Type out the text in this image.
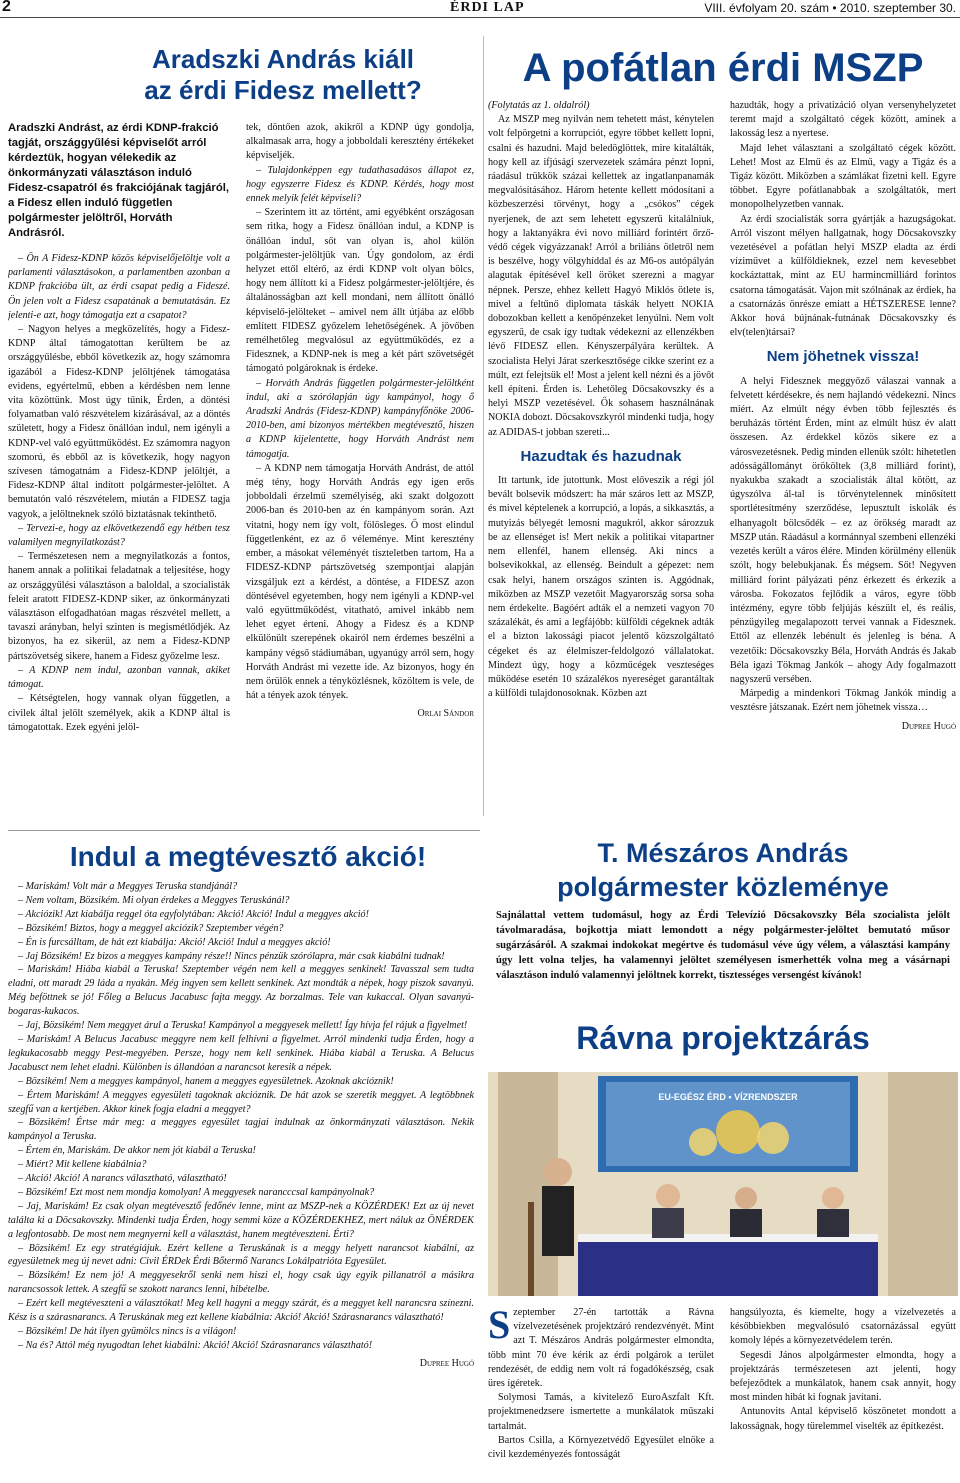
2	ÉRDI LAP	VIII. évfolyam 20. szám • 2010. szeptember 30.
Aradszki András kiáll
az érdi Fidesz mellett?
Aradszki Andrást, az érdi KDNP-frakció tagját, országgyűlési képviselőt arról kérdeztük, hogyan vélekedik az önkormányzati választáson induló Fidesz-csapatról és frakciójának tagjáról, a Fidesz ellen induló független polgármester jelöltről, Horváth Andrásról.

– Ön A Fidesz-KDNP közös képviselőjelöltje volt a parlamenti választásokon, a parlamentben azonban a KDNP frakcióba ült, az érdi csapat pedig a Fideszé. Ön jelen volt a Fidesz csapatának a bemutatásán. Ez jelenti-e azt, hogy támogatja ezt a csapatot?

– Nagyon helyes a megközelítés, hogy a Fidesz-KDNP által támogatottan kerültem be az országgyűlésbe, ebből következik az, hogy számomra igazából a Fidesz-KDNP jelöltjének támogatása evidens, egyértelmű, ebben a kérdésben nem lenne vita közöttünk. Most úgy tűnik, Érden, a döntési folyamatban való részvételem kizárásával, az a döntés született, hogy a Fidesz önállóan indul, nem igényli a KDNP-vel való együttműködést. Ez számomra nagyon szomorú, és ebből az is következik, hogy nagyon szívesen támogatnám a Fidesz-KDNP jelöltjét, a Fidesz-KDNP által indított polgármester-jelöltet. A bemutatón való részvételem, miután a FIDESZ tagja vagyok, a jelöltneknek szóló biztatásnak tekinthető.

– Tervezi-e, hogy az elkövetkezendő egy hétben tesz valamilyen megnyilatkozást?

– Természetesen nem a megnyilatkozás a fontos, hanem annak a politikai feladatnak a teljesítése, hogy az országgyűlési választáson a baloldal, a szocialisták feleit aratott FIDESZ-KDNP siker, az önkormányzati választáson elfogadhatóan magas részvétel mellett, a tavaszi arányban, helyi szinten is megismétlődjék. Az bizonyos, ha ez sikerül, az nem a Fidesz-KDNP pártszövetség sikere, hanem a Fidesz győzelme lesz.

– A KDNP nem indul, azonban vannak, akiket támogat.

– Kétségtelen, hogy vannak olyan független, a civilek által jelölt személyek, akik a KDNP által is támogatottak. Ezek egyéni jelöl-

tek, döntően azok, akikről a KDNP úgy gondolja, alkalmasak arra, hogy a jobboldali keresztény értékeket képviseljék.

– Tulajdonképpen egy tudathasadásos állapot ez, hogy egyszerre Fidesz és KDNP. Kérdés, hogy most ennek melyik felét képviseli?

– Szerintem itt az történt, ami egyébként országosan sem ritka, hogy a Fidesz önállóan indul, a KDNP is önállóan indul, sőt van olyan is, ahol külön polgármester-jelöltjük van. Úgy gondolom, az érdi helyzet ettől eltérő, az érdi KDNP volt olyan bölcs, hogy nem állított ki a Fidesz polgármester-jelöltjére, és általánosságban azt kell mondani, nem állított önálló képviselő-jelölteket – amivel nem állt útjába az előbb említett FIDESZ győzelem lehetőségének. A jövőben remélhetőleg megvalósul az együttműködés, ez a Fidesznek, a KDNP-nek is meg a két párt szövetségét támogató polgároknak is érdeke.

– Horváth András független polgármester-jelöltként indul, aki a szórólapján úgy kampányol, hogy ő Aradszki András (Fidesz-KDNP) kampányfőnöke 2006-2010-ben, ami bizonyos mértékben megtévesztő, hiszen a KDNP kijelentette, hogy Horváth Andrást nem támogatja.

– A KDNP nem támogatja Horváth Andrást, de attól még tény, hogy Horváth András egy igen erős jobboldali érzelmű személyiség, aki szakt dolgozott 2006-ban és 2010-ben az én kampányom során. Azt vitatni, hogy nem így volt, fölösleges. Ő most elindul függetlenként, ez az ő véleménye. Mint keresztény ember, a másokat véleményét tiszteletben tartom, Ha a FIDESZ-KDNP pártszövetség szempontjai alapján vizsgáljuk ezt a kérdést, a döntése, a FIDESZ azon döntésével egyetemben, hogy nem igényli a KDNP-vel való együttműködést, vitatható, amivel inkább nem lehet egyet érteni. Ahogy a Fidesz és a KDNP elkülönült szerepének okairól nem érdemes beszélni a kampány végső stádiumában, ugyanúgy arról sem, hogy Horváth Andrást mi vezette ide. Az bizonyos, hogy én nem örülök ennek a tényközlésnek, közöltem is vele, de hát a tények azok tények.

Orlai Sándor

A pofátlan érdi MSZP

(Folytatás az 1. oldalról)

Az MSZP meg nyilván nem tehetett mást, kénytelen volt felpörgetni a korrupciót, egyre többet kellett lopni, csalni és hazudni. Majd beledöglöttek, mire kitalálták, hogy kell az ifjúsági szervezetek számára pénzt lopni, ráadásul trükkök százai kellettek az ingatlanpanamák megvalósításához. Három hetente kellett módosítani a közbeszerzési törvényt, hogy a „csókos” cégek nyerjenek, de azt sem lehetett egyszerű kitalálniuk, hogy a laktanyákra évi novo milliárd forintért őrző-védő cégek vigyázzanak! Arról a briliáns ötletről nem is beszélve, hogy völgyhíddal és az M6-os autópályán alagutak építésével kell öröket szerezni a magyar népnek. Persze, ehhez kellett Hagyó Miklós ötlete is, mivel a feltűnő diplomata táskák helyett NOKIA dobozokban kellett a kenőpénzeket lenyúlni. Nem volt egyszerű, de csak így tudtak védekezni az ellenzékben lévő FIDESZ ellen. Kényszerpályára kerültek. A szocialista Helyi Járat szerkesztősége cikke szerint ez a múlt, ezt felejtsük el! Most a jelent kell nézni és a jövőt kell építeni. Érden is. Lehetőleg Döcsakovszky és a helyi MSZP vezetésével. Ők sohasem használnának NOKIA dobozt. Döcsakovszkyról mindenki tudja, hogy az ADIDAS-t jobban szereti...

Hazudtak és hazudnak

Itt tartunk, ide jutottunk. Most előveszik a régi jól bevált bolsevik módszert: ha már száros lett az MSZP, és mivel képtelenek a korrupció, a lopás, a sikkasztás, a mutyizás bélyegét lemosni magukról, akkor sározzuk be az ellenséget is! Mert nekik a politikai vitapartner nem ellenfél, hanem ellenség. Aki nincs a bolsevikokkal, az ellenség. Beindult a gépezet: nem csak helyi, hanem országos szinten is. Aggódnak, miközben az MSZP vezetőit Magyarország sorsa soha nem érdekelte. Bagóért adták el a nemzeti vagyon 70 százalékát, és ami a legfájóbb: külföldi cégeknek adták el a bizton lakossági piacot jelentő közszolgáltató cégeket és az élelmiszer-feldolgozó vállalatokat. Mindezt úgy, hogy a közműcégek veszteséges működése esetén 10 százalékos nyereséget garantáltak a külföldi tulajdonosoknak. Közben azt

hazudták, hogy a privatizáció olyan versenyhelyzetet teremt majd a szolgáltató cégek között, aminek a lakosság lesz a nyertese.

Majd lehet választani a szolgáltató cégek között. Lehet! Most az Elmű és az Elmű, vagy a Tigáz és a Tigáz között. Miközben a számlákat fizetni kell. Egyre többet. Egyre pofátlanabbak a szolgáltatók, mert monopolhelyzetben vannak.

Az érdi szocialisták sorra gyártják a hazugságokat. Arról viszont mélyen hallgatnak, hogy Döcsakovszky vezetésével a pofátlan helyi MSZP eladta az érdi víziművet a külföldieknek, ezzel nem kevesebbet kockáztattak, mint az EU harmincmilliárd forintos csatorna támogatását. Vajon mit szólnának az érdiek, ha a csatornázás önrésze emiatt a HÉTSZERESE lenne? Akkor hová bújnának-futnának Döcsakovszky és elv(telen)társai?

Nem jöhetnek vissza!

A helyi Fidesznek meggyőző válaszai vannak a felvetett kérdésekre, és nem hajlandó védekezni. Nincs miért. Az elmúlt négy évben több fejlesztés és beruházás történt Érden, mint az elmúlt húsz év alatt összesen. Az érdekkel közös sikere ez a városvezetésnek. Pedig minden ellenük szólt: hihetetlen adósságállományt örököltek (3,8 milliárd forint), nyakukba szakadt a szocialisták által kötött, az úgyszólva ál-tal is törvénytelennek minősített sportlétesítmény szerződése, lepusztult iskolák és elhanyagolt bölcsődék – ez az örökség maradt az MSZP után. Ráadásul a kormánnyal szembeni ellenzéki vezetés került a város élére. Minden körülmény ellenük szólt, hogy belebukjanak. És mégsem. Sőt! Negyven milliárd forint pályázati pénz érkezett és érkezik a városba. Fokozatos fejlődik a város, egyre több intézmény, egyre több feljújás készült el, és reális, pénzügyileg megalapozott tervei vannak a Fidesznek. Ettől az ellenzék lebénult és jelenleg is béna. A vezetőik: Döcsakovszky Béla, Horváth András és Jakab Béla igazi Tökmag Jankók – ahogy Ady fogalmazott nagyszerű versében.

Márpedig a mindenkori Tökmag Jankók mindig a vesztésre játszanak. Ezért nem jöhetnek vissza…

Dupree Hugó

Indul a megtévesztő akció!

– Mariskám! Volt már a Meggyes Teruska standjánál?

– Nem voltam, Bözsikém. Mi olyan érdekes a Meggyes Teruskánál?

– Akciózik! Azt kiabálja reggel óta egyfolytában: Akció! Akció! Indul a meggyes akció!

– Bözsikém! Biztos, hogy a meggyel akciózik? Szeptember végén?

– Én is furcsálltam, de hát ezt kiabálja: Akció! Akció! Indul a meggyes akció!

– Jaj Bözsikém! Ez bizos a meggyes kampány része!! Nincs pénzük szórólapra, már csak kiabálni tudnak!

– Mariskám! Hiába kiabál a Teruska! Szeptember végén nem kell a meggyes senkinek! Tavasszal sem tudta eladni, ott maradt 29 láda a nyakán. Még ingyen sem kellett senkinek. Azt mondták a népek, hogy piszok savanyú. Még beföttnek se jó! Főleg a Belucus Jacabusc fajta meggy. Az borzalmas. Tele van kukaccal. Olyan savanyú-bogaras-kukacos.

– Jaj, Bözsikém! Nem meggyet árul a Teruska! Kampányol a meggyesek mellett! Így hívja fel rájuk a figyelmet!

– Mariskám! A Belucus Jacabusc meggyre nem kell felhívni a figyelmet. Arról mindenki tudja Érden, hogy a legkukacosabb meggy Pest-megyében. Persze, hogy nem kell senkinek. Hiába kiabál a Teruska. A Belucus Jacabusct nem lehet eladni. Különben is állandóan a narancsot keresik a népek.

– Bözsikém! Nem a meggyes kampányol, hanem a meggyes egyesületnek. Azoknak akcióznik!

– Értem Mariskám! A meggyes egyesületi tagoknak akcióznik. De hát azok se szeretik meggyet. A legtöbbnek szegfű van a kertjében. Akkor kinek fogja eladni a meggyet?

– Bözsikém! Értse már meg: a meggyes egyesület tagjai indulnak az önkormányzati választáson. Nekik kampányol a Teruska.

– Értem én, Mariskám. De akkor nem jót kiabál a Teruska!

– Miért? Mit kellene kiabálnia?

– Akció! Akció! A narancs választható, választható!

– Bözsikém! Ezt most nem mondja komolyan! A meggyesek narancccsal kampányolnak?

– Jaj, Mariskám! Ez csak olyan megtévesztő fedőnév lenne, mint az MSZP-nek a KÖZÉRDEK! Ezt az új nevet találta ki a Döcsakovszky. Mindenki tudja Érden, hogy semmi köze a KÖZÉRDEKHEZ, mert náluk az ÖNÉRDEK a legfontosabb. De most nem megnyerni kell a választást, hanem megtéveszteni. Érti?

– Bözsikém! Ez egy stratégiájuk. Ezért kellene a Teruskának is a meggy helyett narancsot kiabálni, az egyesületnek meg új nevet adni: Civil ÉRDek Érdi Bőtermő Narancs Lokálpatrióta Egyesület.

– Bözsikém! Ez nem jó! A meggyesekről senki nem hiszi el, hogy csak úgy egyik pillanatról a másikra narancsossok lettek. A szegfű se szokott narancs lenni, hibételbe.

– Ezért kell megtéveszteni a választókat! Meg kell hagyni a meggy szárát, és a meggyet kell narancsra színezni. Kész is a szárasnarancs. A Teruskának meg ezt kellene kiabálnia: Akció! Akció! Szárasnarancs választható!

– Bözsikém! De hát ilyen gyümölcs nincs is a világon!

– Na és? Attól még nyugodtan lehet kiabálni: Akció! Akció! Szárasnarancs választható!

Dupree Hugó

T. Mészáros András
polgármester közleménye
Sajnálattal vettem tudomásul, hogy az Érdi Televízió Döcsakovszky Béla szocialista jelölt távolmaradása, bojkottja miatt lemondott a négy polgármester-jelöltet bemutató műsor sugárzásáról. A szakmai indokokat megértve és tudomásul véve úgy vélem, a választási kampány úgy lett volna teljes, ha valamennyi jelöltet személyesen ismerhették volna meg a vásárnapi választáson induló valamennyi jelöltnek korrekt, tisztességes versengést kívánok!
Rávna projektzárás
EU-EGÉSZ ÉRD • VÍZRENDSZER

Szeptember 27-én tartották a Rávna vízelvezetésének projektzáró rendezvényét. Mint azt T. Mészáros András polgármester elmondta, több mint 70 éve kérik az érdi polgárok a terület rendezését, de eddig nem volt rá fogadókészség, csak üres ígéretek.

Solymosi Tamás, a kivitelező EuroAszfalt Kft. projektmenedzsere ismertette a munkálatok műszaki tartalmát.

Bartos Csilla, a Környezetvédő Egyesület elnöke a civil kezdeményezés fontosságát

hangsúlyozta, és kiemelte, hogy a vízelvezetés a későbbiekben megvalósuló csatornázással együtt komoly lépés a környezetvédelem terén.

Segesdi János alpolgármester elmondta, hogy a projektzárás természetesen azt jelenti, hogy befejeződtek a munkálatok, hanem csak annyit, hogy most minden hibát ki fognak javítani.

Antunovits Antal képviselő köszönetet mondott a lakosságnak, hogy türelemmel viselték az építkezést.
